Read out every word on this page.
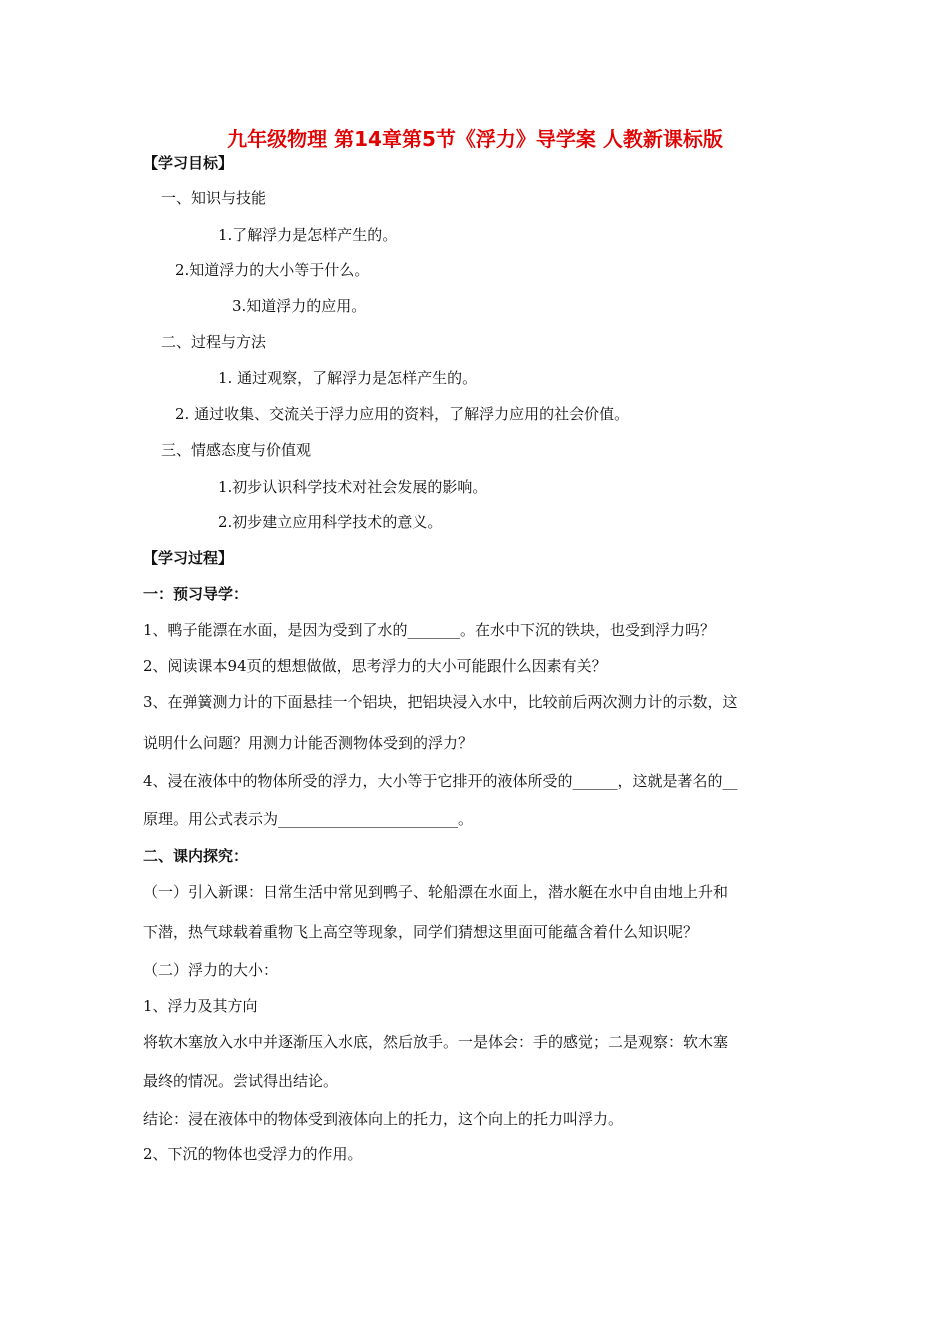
九年级物理 第14章第5节《浮力》导学案 人教新课标版
【学习目标】
一、知识与技能
1.了解浮力是怎样产生的。
2.知道浮力的大小等于什么。
3.知道浮力的应用。
二、过程与方法
1. 通过观察，了解浮力是怎样产生的。
2. 通过收集、交流关于浮力应用的资料，了解浮力应用的社会价值。
三、情感态度与价值观
1.初步认识科学技术对社会发展的影响。
2.初步建立应用科学技术的意义。
【学习过程】
一：预习导学：
1、鸭子能漂在水面，是因为受到了水的_______。在水中下沉的铁块，也受到浮力吗？
2、阅读课本94页的想想做做，思考浮力的大小可能跟什么因素有关？
3、在弹簧测力计的下面悬挂一个铝块，把铝块浸入水中，比较前后两次测力计的示数，这
说明什么问题？用测力计能否测物体受到的浮力？
4、浸在液体中的物体所受的浮力，大小等于它排开的液体所受的______，这就是著名的__
原理。用公式表示为________________________。
二、课内探究：
（一）引入新课：日常生活中常见到鸭子、轮船漂在水面上，潜水艇在水中自由地上升和
下潜，热气球载着重物飞上高空等现象，同学们猜想这里面可能蕴含着什么知识呢？
（二）浮力的大小：
1、浮力及其方向
将软木塞放入水中并逐渐压入水底，然后放手。一是体会：手的感觉；二是观察：软木塞
最终的情况。尝试得出结论。
结论：浸在液体中的物体受到液体向上的托力，这个向上的托力叫浮力。
2、下沉的物体也受浮力的作用。
